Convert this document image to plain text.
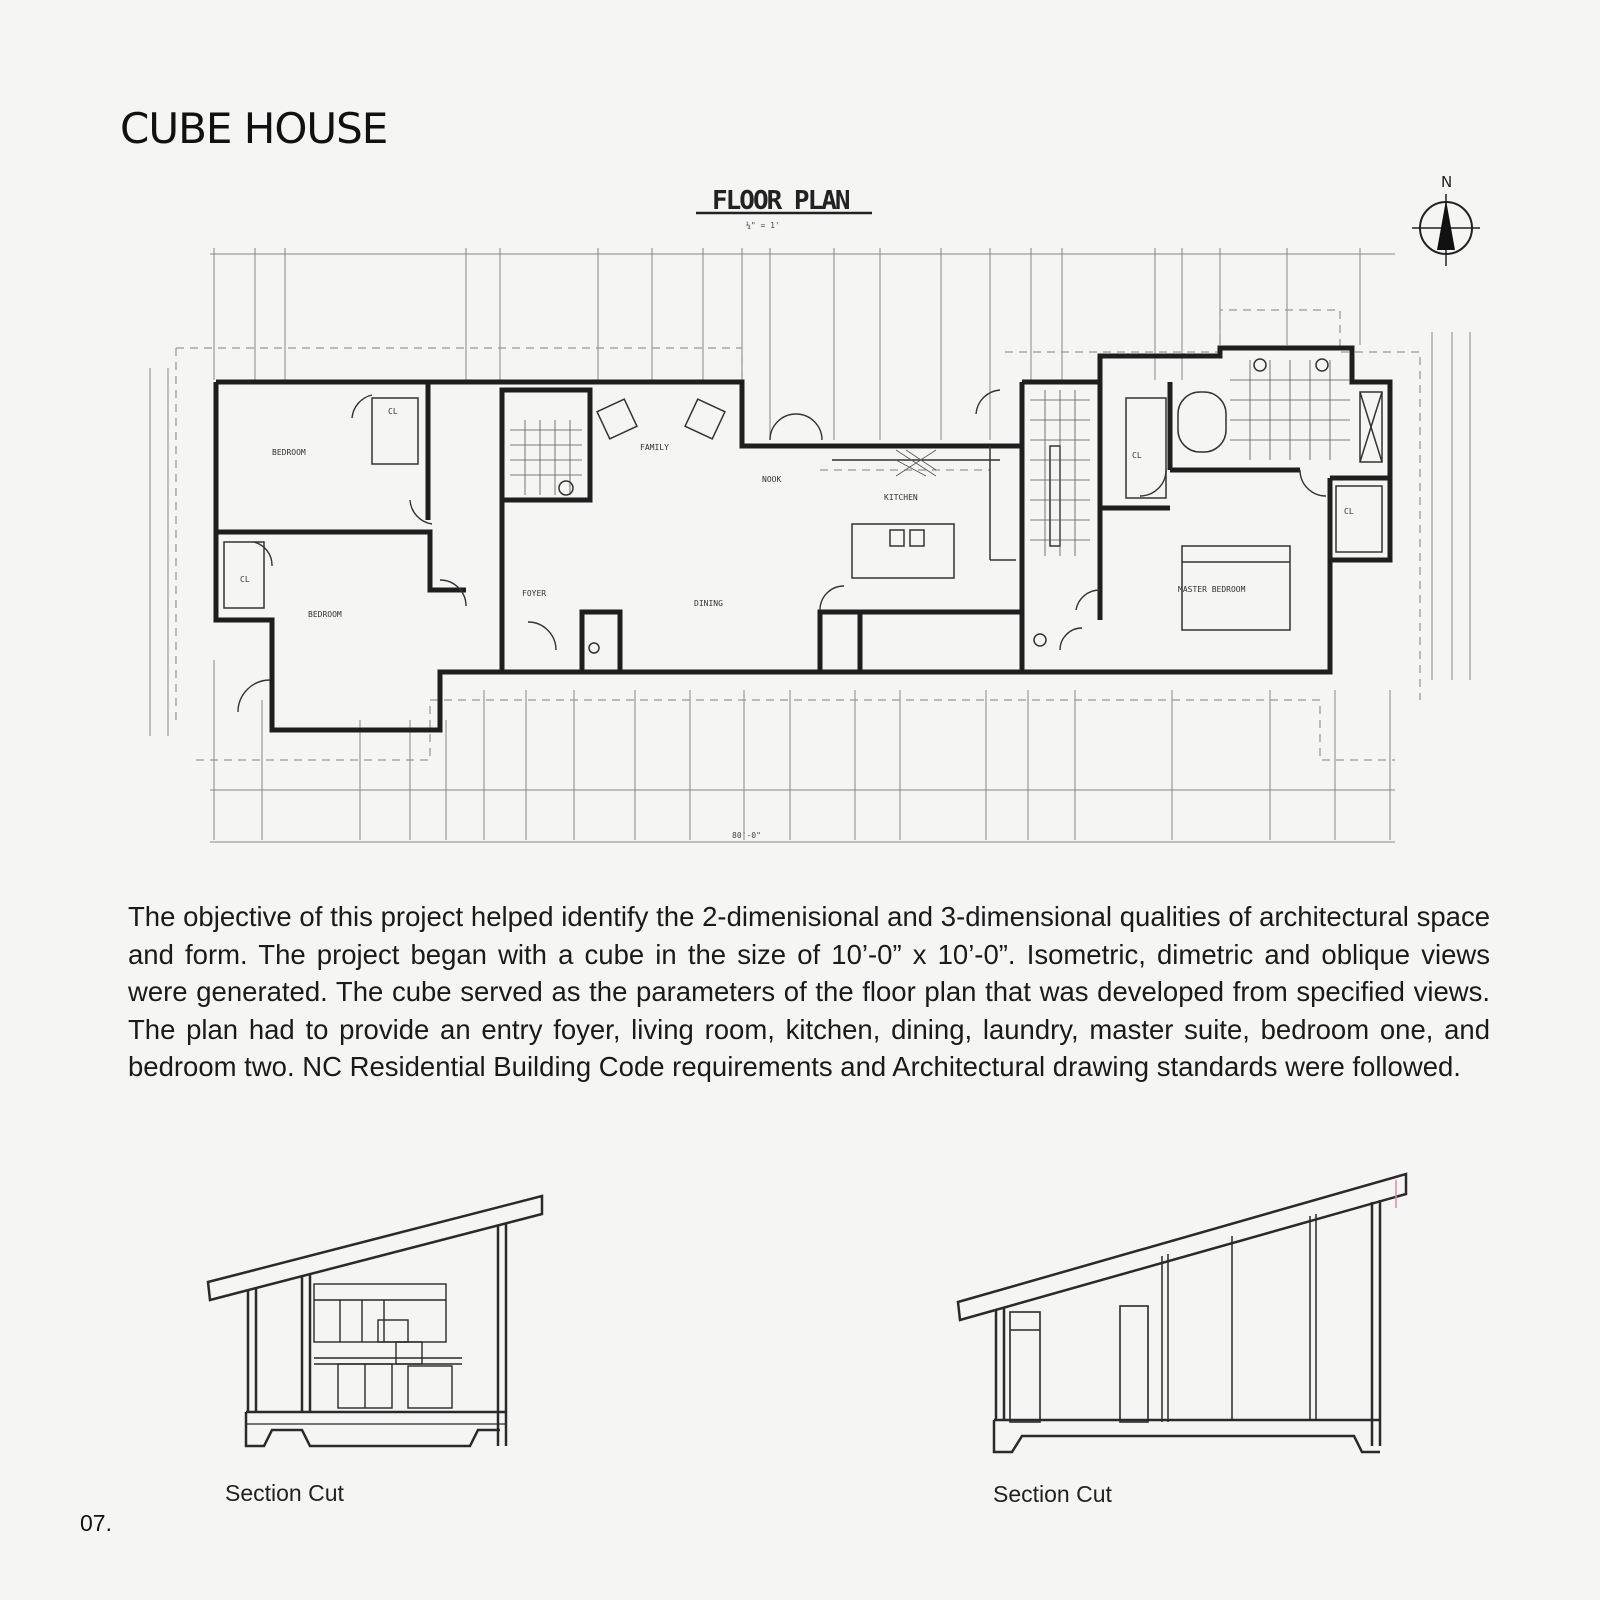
CUBE HOUSE
FLOOR PLAN
¼" = 1'
N
BEDROOM
BEDROOM
FAMILY
NOOK
KITCHEN
DINING
FOYER	MASTER BEDROOM
CL
CL
CL
CL
80'-0"
The objective of this project helped identify the 2-dimenisional and 3-dimensional qualities of architectural space and form. The project began with a cube in the size of 10’-0” x 10’-0”. Isometric, dimetric and oblique views were generated. The cube served as the parameters of the floor plan that was developed from specified views. The plan had to provide an entry foyer, living room, kitchen, dining, laundry, master suite, bedroom one, and bedroom two. NC Residential Building Code requirements and Architectural drawing standards were followed.
Section Cut	Section Cut
07.
